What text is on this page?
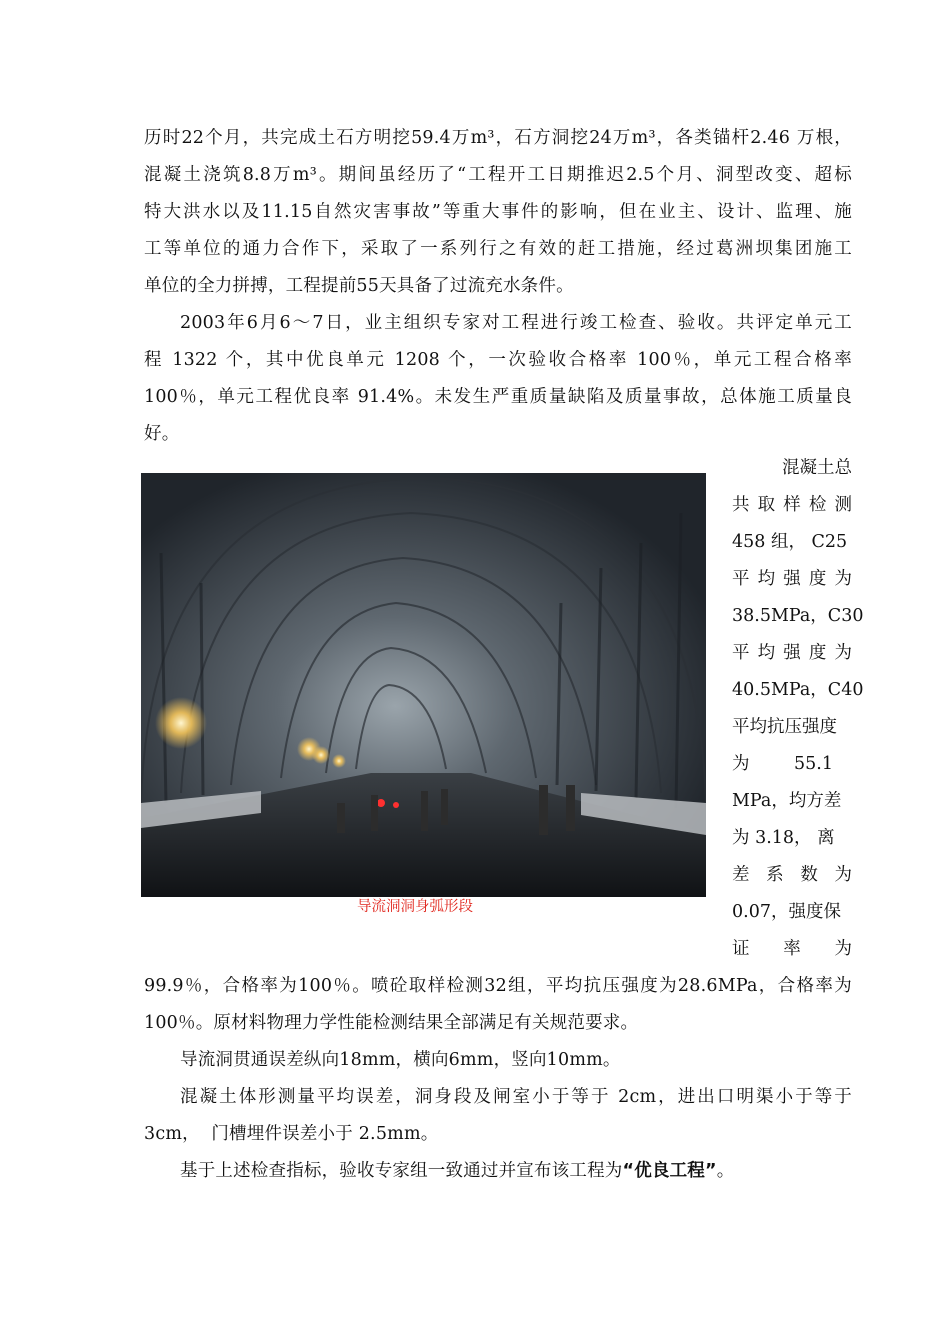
历时22个月，共完成土石方明挖59.4万m³，石方洞挖24万m³，各类锚杆2.46 万根，
混凝土浇筑8.8万m³。期间虽经历了“工程开工日期推迟2.5个月、洞型改变、超标
特大洪水以及11.15自然灾害事故”等重大事件的影响，但在业主、设计、监理、施
工等单位的通力合作下，采取了一系列行之有效的赶工措施，经过葛洲坝集团施工
单位的全力拼搏，工程提前55天具备了过流充水条件。
2003年6月6～7日，业主组织专家对工程进行竣工检查、验收。共评定单元工
程 1322 个，其中优良单元 1208 个，一次验收合格率 100％，单元工程合格率
100％，单元工程优良率 91.4%。未发生严重质量缺陷及质量事故，总体施工质量良
好。
导流洞洞身弧形段
混凝土总
共取样检测
458 组， C25
平均强度为
38.5MPa，C30
平均强度为
40.5MPa，C40
平均抗压强度
为        55.1
MPa，均方差
为 3.18， 离
差系数为
0.07，强度保
证 率 为
99.9％，合格率为100％。喷砼取样检测32组，平均抗压强度为28.6MPa，合格率为
100％。原材料物理力学性能检测结果全部满足有关规范要求。
导流洞贯通误差纵向18mm，横向6mm，竖向10mm。
混凝土体形测量平均误差，洞身段及闸室小于等于 2cm，进出口明渠小于等于
3cm，  门槽埋件误差小于 2.5mm。
基于上述检查指标，验收专家组一致通过并宣布该工程为“优良工程”。
